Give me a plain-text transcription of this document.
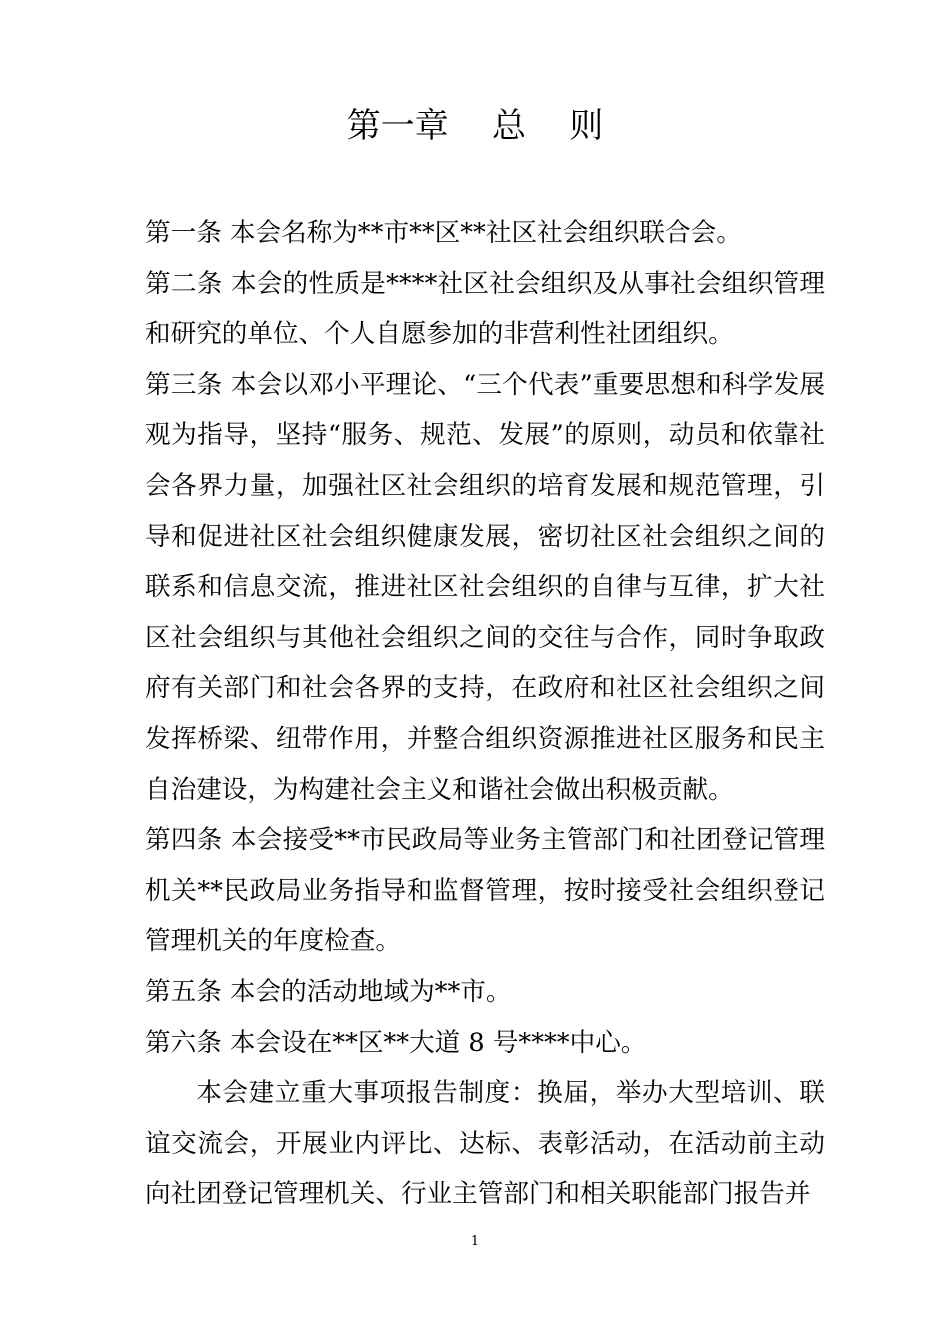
第一章    总    则

第一条 本会名称为**市**区**社区社会组织联合会。

第二条 本会的性质是****社区社会组织及从事社会组织管理和研究的单位、个人自愿参加的非营利性社团组织。

第三条 本会以邓小平理论、“三个代表”重要思想和科学发展观为指导，坚持“服务、规范、发展”的原则，动员和依靠社会各界力量，加强社区社会组织的培育发展和规范管理，引导和促进社区社会组织健康发展，密切社区社会组织之间的联系和信息交流，推进社区社会组织的自律与互律，扩大社区社会组织与其他社会组织之间的交往与合作，同时争取政府有关部门和社会各界的支持，在政府和社区社会组织之间发挥桥梁、纽带作用，并整合组织资源推进社区服务和民主自治建设，为构建社会主义和谐社会做出积极贡献。

第四条 本会接受**市民政局等业务主管部门和社团登记管理机关**民政局业务指导和监督管理，按时接受社会组织登记管理机关的年度检查。

第五条 本会的活动地域为**市。

第六条 本会设在**区**大道 8 号****中心。

本会建立重大事项报告制度：换届，举办大型培训、联谊交流会，开展业内评比、达标、表彰活动，在活动前主动向社团登记管理机关、行业主管部门和相关职能部门报告并

1
